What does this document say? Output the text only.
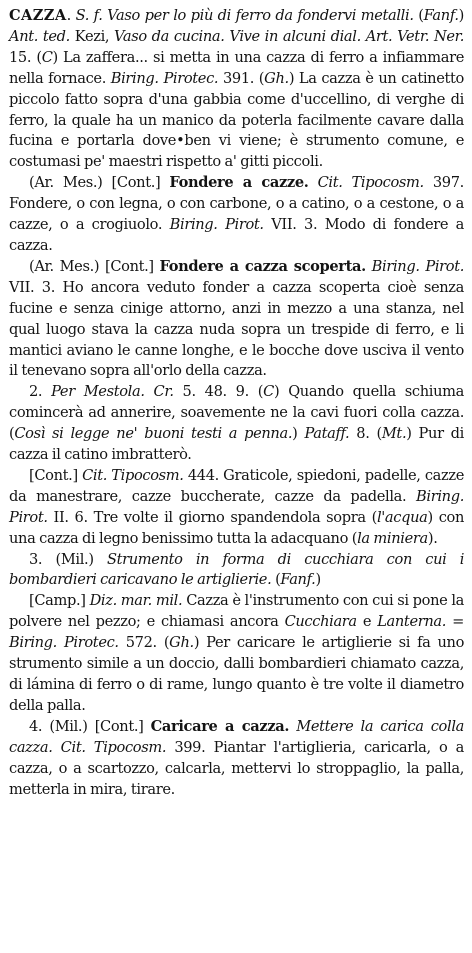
CAZZA. S. f. Vaso per lo più di ferro da fondervi metalli. (Fanf.) Ant. ted. Kezi, Vaso da cucina. Vive in alcuni dial. Art. Vetr. Ner. 15. (C) La zaffera... si metta in una cazza di ferro a infiammare nella fornace. Biring. Pirotec. 391. (Gh.) La cazza è un catinetto piccolo fatto sopra d'una gabbia come d'uccellino, di verghe di ferro, la quale ha un manico da poterla facilmente cavare dalla fucina e portarla dove•ben vi viene; è strumento comune, e costumasi pe' maestri rispetto a' gitti piccoli.

(Ar. Mes.) [Cont.] Fondere a cazze. Cit. Tipocosm. 397. Fondere, o con legna, o con carbone, o a catino, o a cestone, o a cazze, o a crogiuolo. Biring. Pirot. VII. 3. Modo di fondere a cazza.

(Ar. Mes.) [Cont.] Fondere a cazza scoperta. Biring. Pirot. VII. 3. Ho ancora veduto fonder a cazza scoperta cioè senza fucine e senza cinige attorno, anzi in mezzo a una stanza, nel qual luogo stava la cazza nuda sopra un trespide di ferro, e li mantici aviano le canne longhe, e le bocche dove usciva il vento il tenevano sopra all'orlo della cazza.

2. Per Mestola. Cr. 5. 48. 9. (C) Quando quella schiuma comincerà ad annerire, soavemente ne la cavi fuori colla cazza. (Così si legge ne' buoni testi a penna.) Pataff. 8. (Mt.) Pur di cazza il catino imbratterò.

[Cont.] Cit. Tipocosm. 444. Graticole, spiedoni, padelle, cazze da manestrare, cazze buccherate, cazze da padella. Biring. Pirot. II. 6. Tre volte il giorno spandendola sopra (l'acqua) con una cazza di legno benissimo tutta la adacquano (la miniera).

3. (Mil.) Strumento in forma di cucchiara con cui i bombardieri caricavano le artiglierie. (Fanf.)

[Camp.] Diz. mar. mil. Cazza è l'instrumento con cui si pone la polvere nel pezzo; e chiamasi ancora Cucchiara e Lanterna. = Biring. Pirotec. 572. (Gh.) Per caricare le artiglierie si fa uno strumento simile a un doccio, dalli bombardieri chiamato cazza, di lámina di ferro o di rame, lungo quanto è tre volte il diametro della palla.

4. (Mil.) [Cont.] Caricare a cazza. Mettere la carica colla cazza. Cit. Tipocosm. 399. Piantar l'artiglieria, caricarla, o a cazza, o a scartozzo, calcarla, mettervi lo stroppaglio, la palla, metterla in mira, tirare.
